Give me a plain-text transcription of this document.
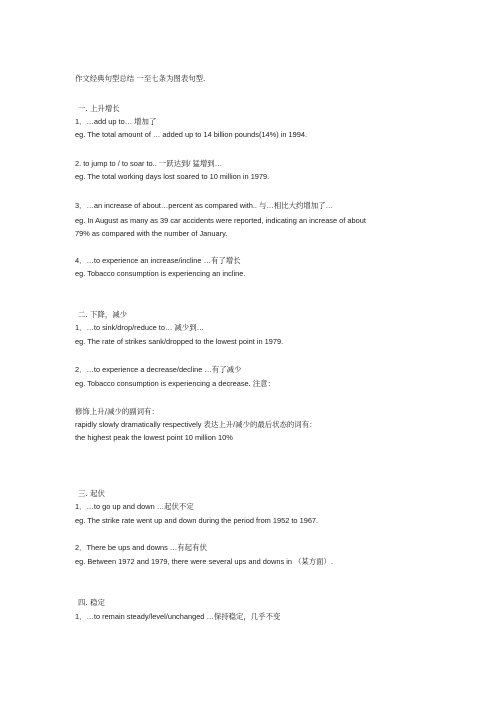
作文经典句型总结 一至七条为图表句型.
一. 上升增长
1．…add up to… 增加了
eg. The total amount of … added up to 14 billion pounds(14%) in 1994.
2. to jump to / to soar to.. 一跃达到/ 猛增到…
eg. The total working days lost soared to 10 million in 1979.
3．…an increase of about…percent as compared with.. 与…相比大约增加了…
eg. In August as many as 39 car accidents were reported, indicating an increase of about
79% as compared with the number of January.
4．…to experience an increase/incline …有了增长
eg. Tobacco consumption is experiencing an incline.
二. 下降，减少
1．…to sink/drop/reduce to… 减少到…
eg. The rate of strikes sank/dropped to the lowest point in 1979.
2．…to experience a decrease/decline …有了减少
eg. Tobacco consumption is experiencing a decrease. 注意：
修饰上升/减少的副词有：
rapidly slowly dramatically respectively 表达上升/减少的最后状态的词有：
the highest peak the lowest point 10 million 10%
三. 起伏
1．…to go up and down …起伏不定
eg. The strike rate went up and down during the period from 1952 to 1967.
2．There be ups and downs …有起有伏
eg. Between 1972 and 1979, there were several ups and downs in （某方面）.
四. 稳定
1．…to remain steady/level/unchanged …保持稳定，几乎不变
